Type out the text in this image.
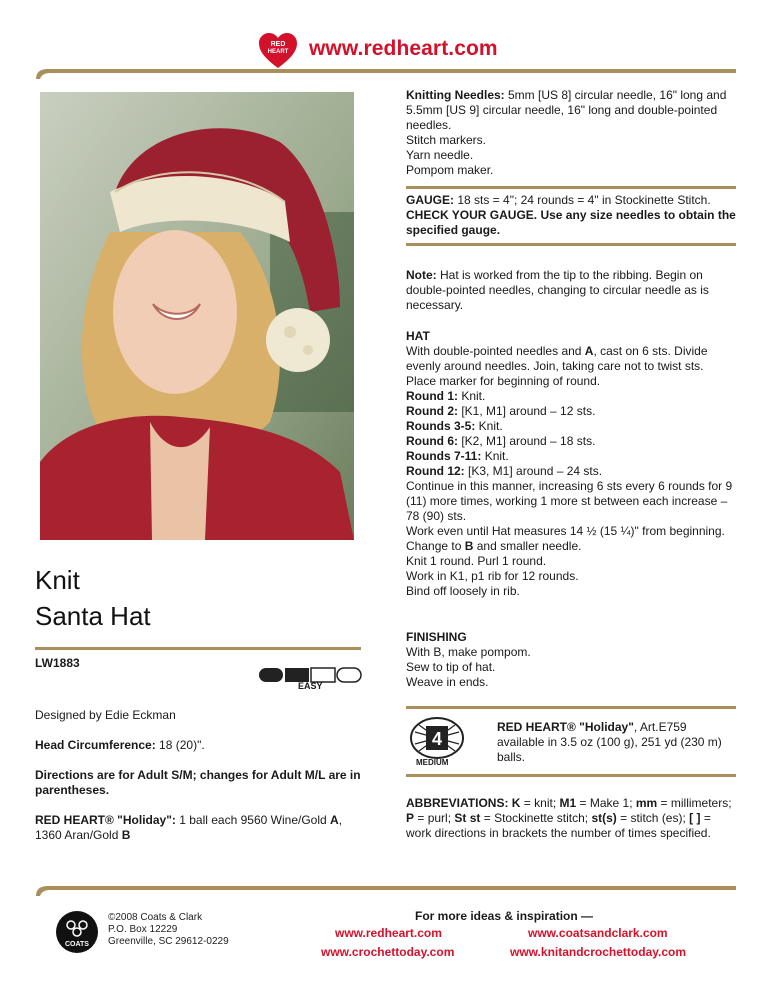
RED
HEART www.redheart.com
Knit
Santa Hat
LW1883
EASY
Designed by Edie Eckman
Head Circumference: 18 (20)".
Directions are for Adult S/M; changes for Adult M/L are in parentheses.
RED HEART® "Holiday": 1 ball each 9560 Wine/Gold A, 1360 Aran/Gold B

Knitting Needles: 5mm [US 8] circular needle, 16" long and 5.5mm [US 9] circular needle, 16" long and double-pointed needles.

Stitch markers.

Yarn needle.

Pompom maker.

GAUGE: 18 sts = 4"; 24 rounds = 4" in Stockinette Stitch.

CHECK YOUR GAUGE. Use any size needles to obtain the specified gauge.

Note: Hat is worked from the tip to the ribbing. Begin on double-pointed needles, changing to circular needle as is necessary.

HAT

With double-pointed needles and A, cast on 6 sts. Divide evenly around needles. Join, taking care not to twist sts. Place marker for beginning of round.

Round 1: Knit.

Round 2: [K1, M1] around – 12 sts.

Rounds 3-5: Knit.

Round 6: [K2, M1] around – 18 sts.

Rounds 7-11: Knit.

Round 12: [K3, M1] around – 24 sts.

Continue in this manner, increasing 6 sts every 6 rounds for 9 (11) more times, working 1 more st between each increase – 78 (90) sts.

Work even until Hat measures 14 ½ (15 ¼)" from beginning.

Change to B and smaller needle.

Knit 1 round. Purl 1 round.

Work in K1, p1 rib for 12 rounds.

Bind off loosely in rib.

FINISHING

With B, make pompom.

Sew to tip of hat.

Weave in ends.

4
MEDIUM
RED HEART® "Holiday", Art.E759 available in 3.5 oz (100 g), 251 yd (230 m) balls.
ABBREVIATIONS: K = knit; M1 = Make 1; mm = millimeters; P = purl; St st = Stockinette stitch; st(s) = stitch (es); [ ] = work directions in brackets the number of times specified.
COATS
©2008 Coats & Clark
P.O. Box 12229
Greenville, SC 29612-0229
For more ideas & inspiration —
www.redheart.com	www.coatsandclark.com
www.crochettoday.com	www.knitandcrochettoday.com
